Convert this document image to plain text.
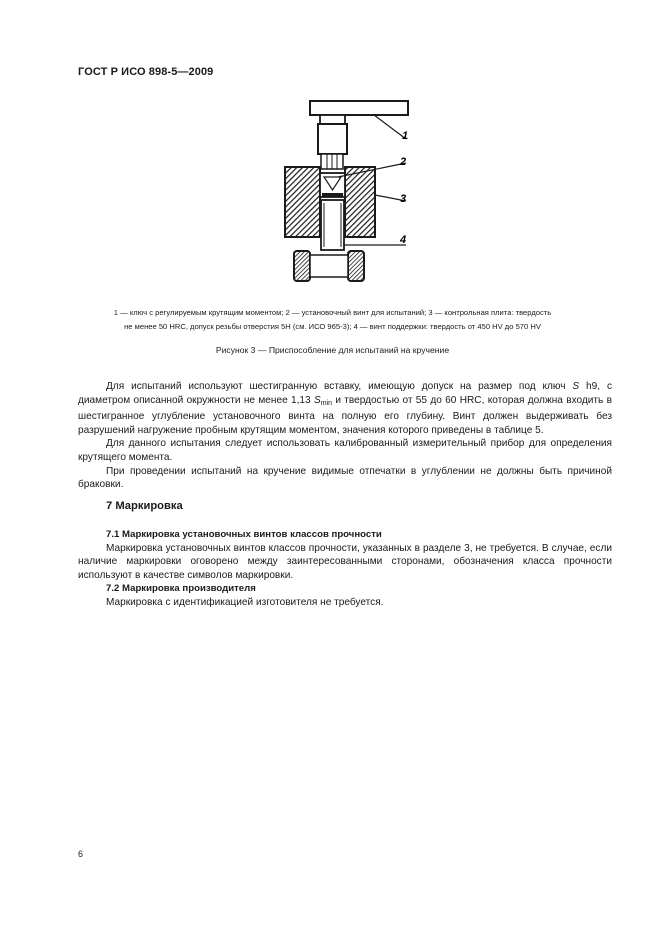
ГОСТ Р ИСО 898-5—2009
1
2
3
4
1 — ключ с регулируемым крутящим моментом; 2 — установочный винт для испытаний; 3 — контрольная плита: твердость
не менее 50 HRC, допуск резьбы отверстия 5H (см. ИСО 965-3); 4 — винт поддержки: твердость от 450 HV до 570 HV
Рисунок 3 — Приспособление для испытаний на кручение

Для испытаний используют шестигранную вставку, имеющую допуск на размер под ключ S h9, с диаметром описанной окружности не менее 1,13 $S_{min}$ и твердостью от 55 до 60 HRC, которая должна входить в шестигранное углубление установочного винта на полную его глубину. Винт должен выдерживать без разрушений нагружение пробным крутящим моментом, значения которого приведены в таблице 5.

Для данного испытания следует использовать калиброванный измерительный прибор для определения крутящего момента.

При проведении испытаний на кручение видимые отпечатки в углублении не должны быть причиной браковки.

7 Маркировка

7.1 Маркировка установочных винтов классов прочности

Маркировка установочных винтов классов прочности, указанных в разделе 3, не требуется. В случае, если наличие маркировки оговорено между заинтересованными сторонами, обозначения класса прочности используют в качестве символов маркировки.

7.2 Маркировка производителя

Маркировка с идентификацией изготовителя не требуется.

6
